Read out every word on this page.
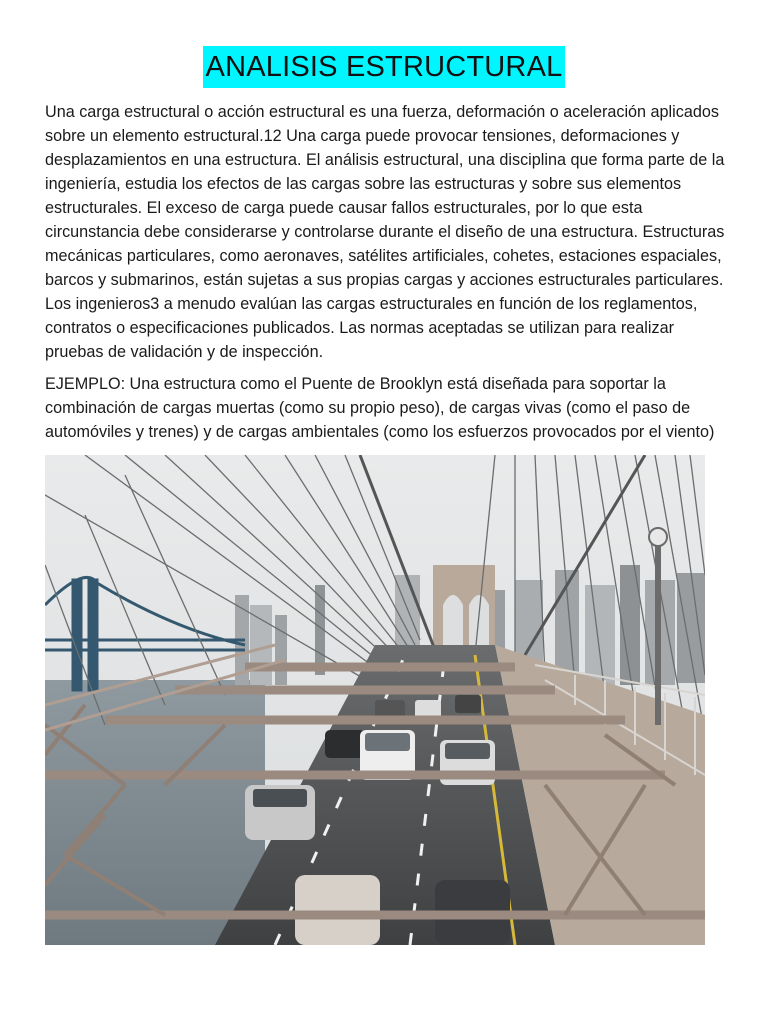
ANALISIS ESTRUCTURAL

Una carga estructural o acción estructural es una fuerza, deformación o aceleración aplicados sobre un elemento estructural.12 Una carga puede provocar tensiones, deformaciones y desplazamientos en una estructura. El análisis estructural, una disciplina que forma parte de la ingeniería, estudia los efectos de las cargas sobre las estructuras y sobre sus elementos estructurales. El exceso de carga puede causar fallos estructurales, por lo que esta circunstancia debe considerarse y controlarse durante el diseño de una estructura. Estructuras mecánicas particulares, como aeronaves, satélites artificiales, cohetes, estaciones espaciales, barcos y submarinos, están sujetas a sus propias cargas y acciones estructurales particulares. Los ingenieros3 a menudo evalúan las cargas estructurales en función de los reglamentos, contratos o especificaciones publicados. Las normas aceptadas se utilizan para realizar pruebas de validación y de inspección.

EJEMPLO: Una estructura como el Puente de Brooklyn está diseñada para soportar la combinación de cargas muertas (como su propio peso), de cargas vivas (como el paso de automóviles y trenes) y de cargas ambientales (como los esfuerzos provocados por el viento)
